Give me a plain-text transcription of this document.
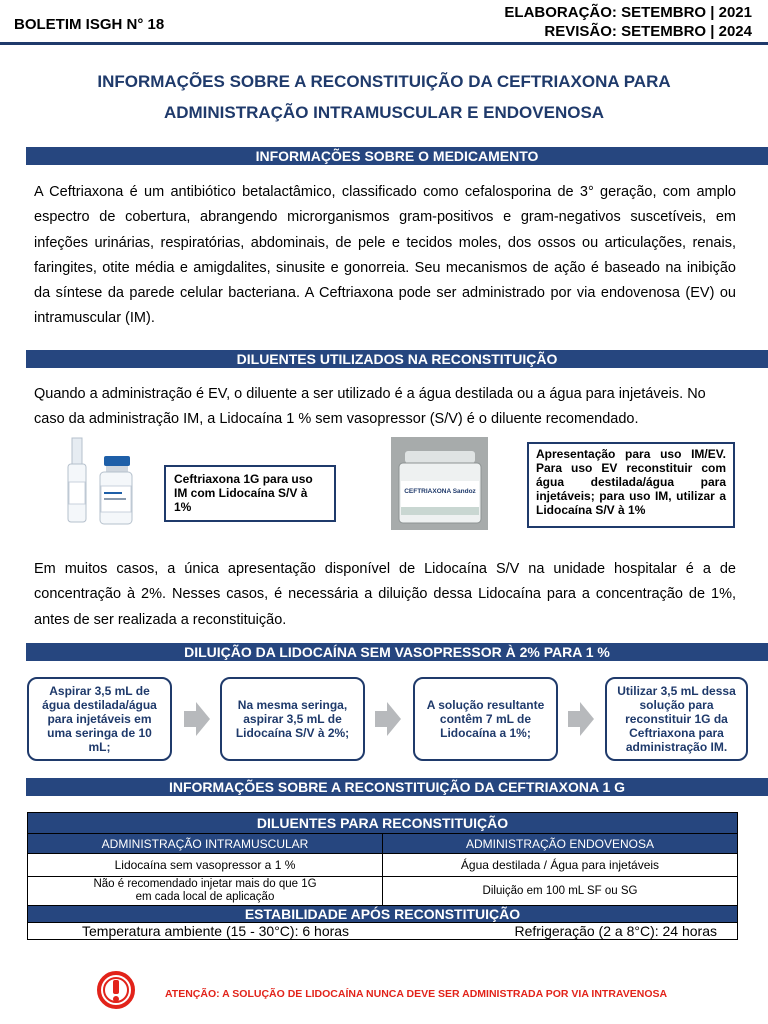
BOLETIM ISGH N° 18
ELABORAÇÃO: SETEMBRO | 2021
REVISÃO: SETEMBRO | 2024
INFORMAÇÕES SOBRE A RECONSTITUIÇÃO DA CEFTRIAXONA PARA
ADMINISTRAÇÃO INTRAMUSCULAR E ENDOVENOSA
INFORMAÇÕES SOBRE O MEDICAMENTO
A Ceftriaxona é um antibiótico betalactâmico, classificado como cefalosporina de 3° geração, com amplo espectro de cobertura, abrangendo microrganismos gram-positivos e gram-negativos suscetíveis, em infeções urinárias, respiratórias, abdominais, de pele e tecidos moles, dos ossos ou articulações, renais, faringites, otite média e amigdalites, sinusite e gonorreia. Seu mecanismos de ação é baseado na inibição da síntese da parede celular bacteriana. A Ceftriaxona pode ser administrado por via endovenosa (EV) ou intramuscular (IM).
DILUENTES UTILIZADOS NA RECONSTITUIÇÃO
Quando a administração é EV, o diluente a ser utilizado é a água destilada ou a água para injetáveis. No caso da administração IM, a Lidocaína 1 % sem vasopressor (S/V) é o diluente recomendado.
Ceftriaxona 1G para uso IM com Lidocaína S/V à 1%
CEFTRIAXONA Sandoz
Apresentação para uso IM/EV. Para uso EV reconstituir com água destilada/água para injetáveis; para uso IM, utilizar a Lidocaína S/V à 1%
Em muitos casos, a única apresentação disponível de Lidocaína S/V na unidade hospitalar é a de concentração à 2%. Nesses casos, é necessária a diluição dessa Lidocaína para a concentração de 1%, antes de ser realizada a reconstituição.
DILUIÇÃO DA LIDOCAÍNA SEM VASOPRESSOR À 2% PARA 1 %
Aspirar 3,5 mL de água destilada/água para injetáveis em uma seringa de 10 mL;
Na mesma seringa, aspirar 3,5 mL de Lidocaína S/V à 2%;
A solução resultante contêm 7 mL de Lidocaína a 1%;
Utilizar 3,5 mL dessa solução para reconstituir 1G da Ceftriaxona para administração IM.
INFORMAÇÕES SOBRE A RECONSTITUIÇÃO DA CEFTRIAXONA 1 G
DILUENTES PARA RECONSTITUIÇÃO	
ADMINISTRAÇÃO INTRAMUSCULAR	ADMINISTRAÇÃO ENDOVENOSA
Lidocaína sem vasopressor a 1 %	Água destilada / Água para injetáveis

Não é recomendado injetar mais do que 1G
em cada local de aplicação	Diluição em 100 mL SF ou SG
ESTABILIDADE APÓS RECONSTITUIÇÃO	

Temperatura ambiente (15 - 30°C): 6 horas Refrigeração (2 a 8°C): 24 horas	
ATENÇÃO: A SOLUÇÃO DE LIDOCAÍNA NUNCA DEVE SER ADMINISTRADA POR VIA INTRAVENOSA
